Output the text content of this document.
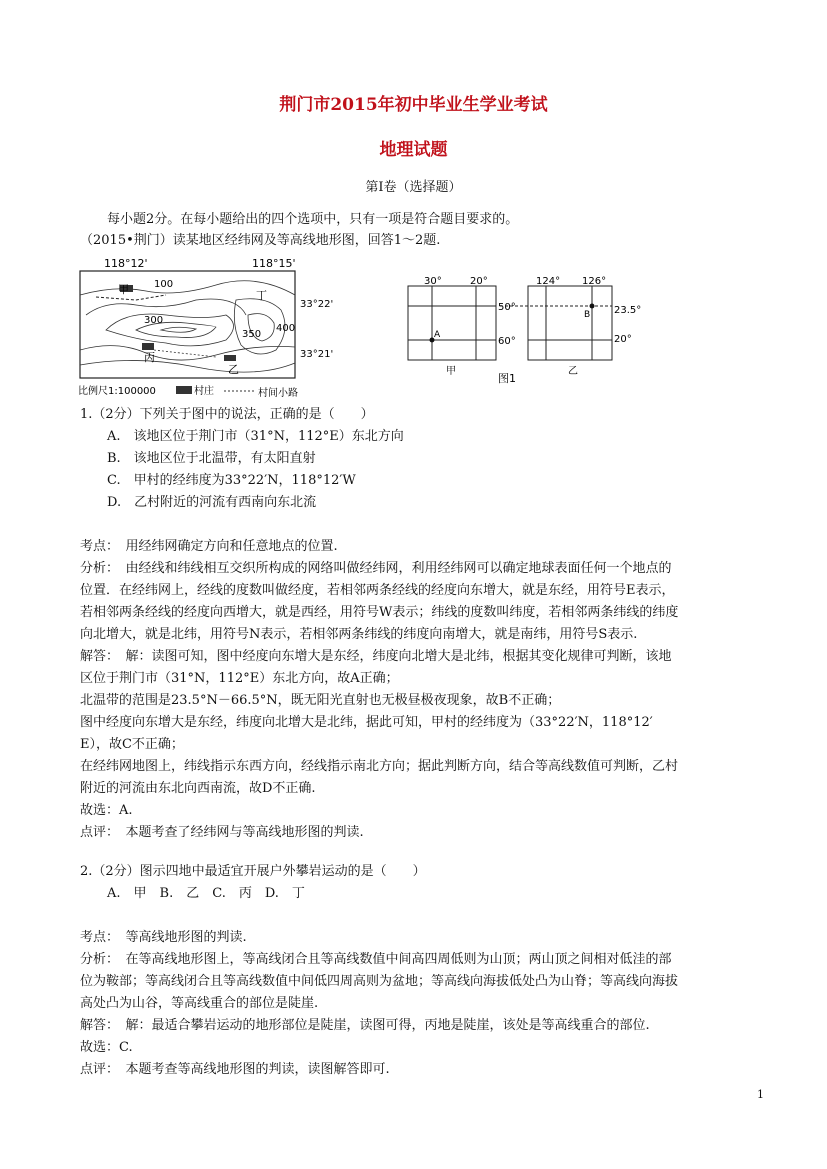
荆门市2015年初中毕业生学业考试
地理试题
第Ⅰ卷（选择题）
每小题2分。在每小题给出的四个选项中，只有一项是符合题目要求的。
（2015•荆门）读某地区经纬网及等高线地形图，回答1～2题.
118°12'	118°15'
甲
丙
乙
丁
100
300
350
400
33°22'
33°21'
比例尺1:100000	村庄	村间小路
30°	20°
A
50°
60°
甲
124° 126°
B 23.5°
20°
乙
图1
1.（2分）下列关于图中的说法，正确的是（　　）
A.　该地区位于荆门市（31°N，112°E）东北方向
B.　该地区位于北温带，有太阳直射
C.　甲村的经纬度为33°22′N，118°12′W
D.　乙村附近的河流有西南向东北流
考点：　用经纬网确定方向和任意地点的位置.
分析：　由经线和纬线相互交织所构成的网络叫做经纬网，利用经纬网可以确定地球表面任何一个地点的
位置．在经纬网上，经线的度数叫做经度，若相邻两条经线的经度向东增大，就是东经，用符号E表示，
若相邻两条经线的经度向西增大，就是西经，用符号W表示；纬线的度数叫纬度，若相邻两条纬线的纬度
向北增大，就是北纬，用符号N表示，若相邻两条纬线的纬度向南增大，就是南纬，用符号S表示.
解答：　解：读图可知，图中经度向东增大是东经，纬度向北增大是北纬，根据其变化规律可判断，该地
区位于荆门市（31°N，112°E）东北方向，故A正确；
北温带的范围是23.5°N－66.5°N，既无阳光直射也无极昼极夜现象，故B不正确；
图中经度向东增大是东经，纬度向北增大是北纬，据此可知，甲村的经纬度为（33°22′N，118°12′
E），故C不正确；
在经纬网地图上，纬线指示东西方向，经线指示南北方向；据此判断方向，结合等高线数值可判断，乙村
附近的河流由东北向西南流，故D不正确.
故选：A.
点评：　本题考查了经纬网与等高线地形图的判读.
2.（2分）图示四地中最适宜开展户外攀岩运动的是（　　）
A.　甲　B.　乙　C.　丙　D.　丁
考点：　等高线地形图的判读.
分析：　在等高线地形图上，等高线闭合且等高线数值中间高四周低则为山顶；两山顶之间相对低洼的部
位为鞍部；等高线闭合且等高线数值中间低四周高则为盆地；等高线向海拔低处凸为山脊；等高线向海拔
高处凸为山谷，等高线重合的部位是陡崖.
解答：　解：最适合攀岩运动的地形部位是陡崖，读图可得，丙地是陡崖，该处是等高线重合的部位.
故选：C.
点评：　本题考查等高线地形图的判读，读图解答即可.
1
